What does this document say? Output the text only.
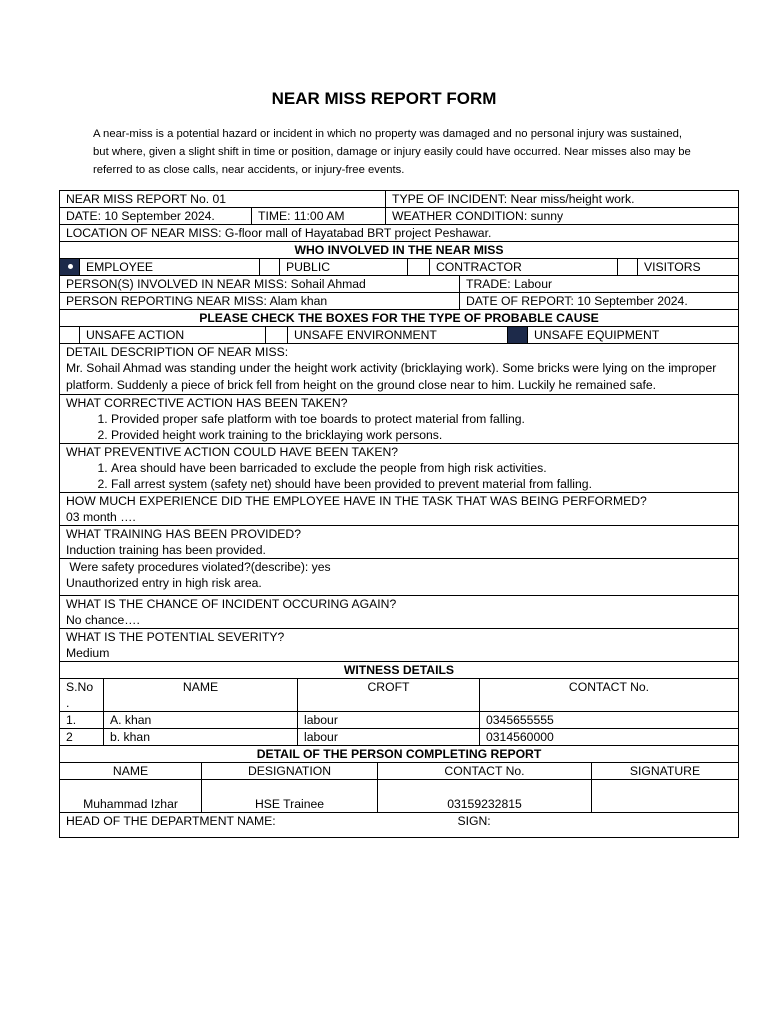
NEAR MISS REPORT FORM
A near-miss is a potential hazard or incident in which no property was damaged and no personal injury was sustained, but where, given a slight shift in time or position, damage or injury easily could have occurred. Near misses also may be referred to as close calls, near accidents, or injury-free events.
NEAR MISS REPORT No. 01		TYPE OF INCIDENT: Near miss/height work.
DATE: 10 September 2024.	TIME: 11:00 AM	WEATHER CONDITION: sunny
LOCATION OF NEAR MISS: G-floor mall of Hayatabad BRT project Peshawar.		
WHO INVOLVED IN THE NEAR MISS
	EMPLOYEE		PUBLIC		CONTRACTOR		VISITORS
PERSON(S) INVOLVED IN NEAR MISS: Sohail Ahmad	TRADE: Labour
PERSON REPORTING NEAR MISS: Alam khan	DATE OF REPORT: 10 September 2024.
PLEASE CHECK THE BOXES FOR THE TYPE OF PROBABLE CAUSE
	UNSAFE ACTION		UNSAFE ENVIRONMENT		UNSAFE EQUIPMENT
DETAIL DESCRIPTION OF NEAR MISS:
Mr. Sohail Ahmad was standing under the height work activity (bricklaying work). Some bricks were lying on the improper platform. Suddenly a piece of brick fell from height on the ground close near to him. Luckily he remained safe.

WHAT CORRECTIVE ACTION HAS BEEN TAKEN?
1. Provided proper safe platform with toe boards to protect material from falling.
2. Provided height work training to the bricklaying work persons.

WHAT PREVENTIVE ACTION COULD HAVE BEEN TAKEN?
1. Area should have been barricaded to exclude the people from high risk activities.
2. Fall arrest system (safety net) should have been provided to prevent material from falling.

HOW MUCH EXPERIENCE DID THE EMPLOYEE HAVE IN THE TASK THAT WAS BEING PERFORMED?
03 month ….

WHAT TRAINING HAS BEEN PROVIDED?
Induction training has been provided.

Were safety procedures violated?(describe): yes
Unauthorized entry in high risk area.

WHAT IS THE CHANCE OF INCIDENT OCCURING AGAIN?
No chance….

WHAT IS THE POTENTIAL SEVERITY?
Medium
WITNESS DETAILS
S.No .	NAME	CROFT	CONTACT No.
1.	A. khan	labour	0345655555
2	b. khan	labour	0314560000
DETAIL OF THE PERSON COMPLETING REPORT
NAME	DESIGNATION	CONTACT No.	SIGNATURE
Muhammad Izhar	HSE Trainee	03159232815	
HEAD OF THE DEPARTMENT NAME:	SIGN:
